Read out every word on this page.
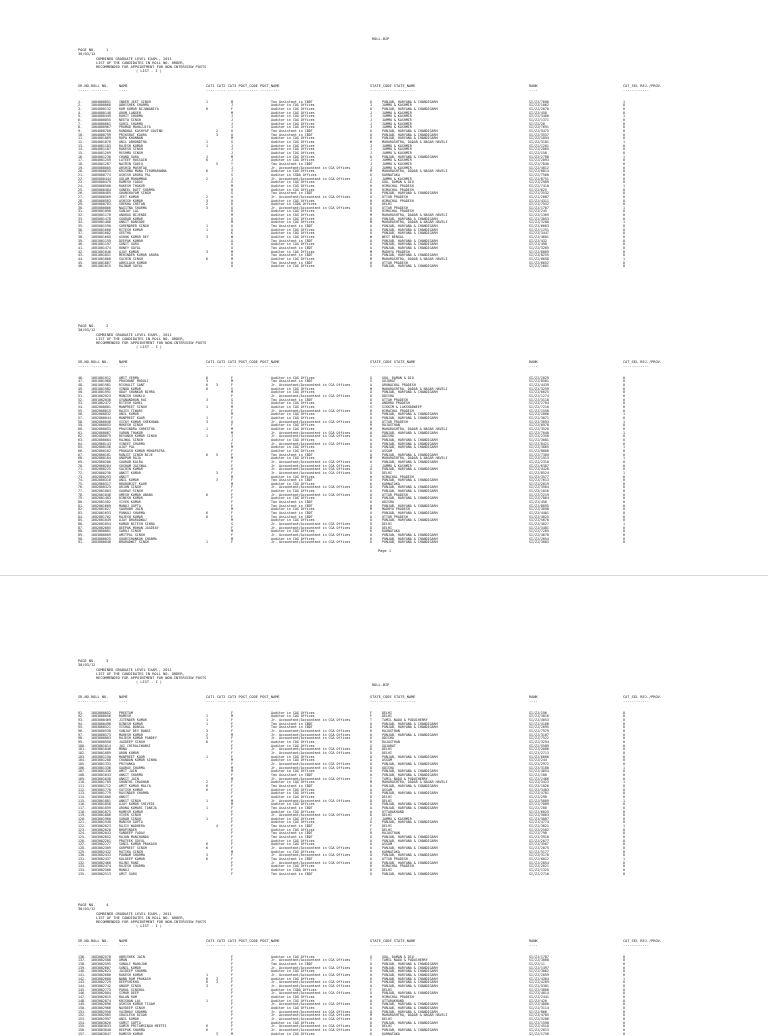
ROLL-BIP
Page 1
PAGE NO.     1
30/03/12
COMBINED GRADUATE LEVEL EXAM., 2011
LIST OF THE CANDIDATES IN ROLL NO. ORDER,
RECOMMENDED FOR APPOINTMENT FOR NON-INTERVIEW POSTS
( LIST - I )
SR.NO. ROLL NO.	NAME	CAT1 CAT2 CAT3 POST_CODE POST_NAME	STATE_CODE STATE_NAME	RANK	CAT_SEL REJ./PROV.
----- --------	----	---- ---- ---- --------- ---------	---------- ----------	----	------------
1.	1004000051 INDER JEET SINGH	1	M	Tax Assistant in CBDT	U	PUNJAB, HARYANA & CHANDIGARH	SI/ZJ/7600	1
2.	1004000060 ABHISHEK SHARMA	J	Auditor in CAG Offices	J	JAMMU & KASHMIR	SI/ZJ/1062	0
3.	1004000132 RAM KUMAR BIJUWANIYA	6	F	Auditor in CAG Offices	U	PUNJAB, HARYANA & CHANDIGARH	SI/ZJ/2670	0
4.	1004000140 ARUN LANGEH	M	Auditor in CAG Offices	J	JAMMU & KASHMIR	SI/ZJ/458	0
5.	1004000449 ROHIT SHARMA	J	Auditor in CAG Offices	J	JAMMU & KASHMIR	SI/ZJ/3400	1
6.	1004000855 NEETU SINGH	J	Auditor in CAG Offices	J	JAMMU & KASHMIR	SI/ZJ/1371	0
7.	1004000861 SAHIL SHARMA	J	Auditor in CAG Offices	J	JAMMU & KASHMIR	SI/ZJ/28	0
8.	1004000967 PRAMOD MAHAJJIYA	J	Auditor in CAG Offices	J	JAMMU & KASHMIR	SI/ZJ/7691	0
9.	1004000700 RANDHAL KASHYAP GOVIND	2	U	Tax Assistant in CBDT	U	PUNJAB, HARYANA & CHANDIGARH	SI/ZJ/5475	0
10. 1004000799 PRIKSHAT KAURA	3	U	Tax Assistant in CBDT	U	PUNJAB, HARYANA & CHANDIGARH	SI/ZJ/3557	0
11. 1004001069 RUPA KHANNAN	M	Auditor in CAG Offices	U	PUNJAB, HARYANA & CHANDIGARH	SI/ZJ/1894	0
12. 1004001070 ANIL ABHONDTHA	1	G	Auditor in CAG Offices	M	MAHARASHTRA, DADAR & NAGAR HAVELI	SI/ZJ/3181	1
13. 1004001183 RAJESH KUMAR	1	J	Auditor in CAG Offices	J	JAMMU & KASHMIR	SI/ZJ/1201	0
14. 1004001187 RAKESH SINGH	J	Auditor in CAG Offices	J	JAMMU & KASHMIR	SI/ZJ/2865	0
15. 1004001209 RESHMA SINGH	J	Auditor in CAG Offices	J	JAMMU & KASHMIR	SI/ZJ/158	0
16. 1004001230 CHAND GARA	1	M	Auditor in CAG Offices	U	PUNJAB, HARYANA & CHANDIGARH	SI/ZJ/2788	1
17. 1004001259 LATEEF HUSSAIN	6	J	Auditor in CAG Offices	J	JAMMU & KASHMIR	SI/ZJ/2093	0
18. 1004001287 NAIRIN SADIQ	5	T	Tax Assistant in CBDT	J	JAMMU & KASHMIR	SI/ZJ/7840	0
19. 1005000005 ARSHID MUSHTAQ	J	Jr. Accountant/Accountant in CGA Offices	J	JAMMU & KASHMIR	SI/ZJ/4012	0
20. 1005000035 KRISHNA MANA TIRUMARANNA	6	J	Auditor in CAG Offices	M	MAHARASHTRA, DADAR & NAGAR HAVELI	SI/ZJ/6814	0
21. 1005000774 ASHISH ARORA PAL	S	Auditor in CGDA Offices	K	KARNATAKA	SI/ZJ/7560	0
22. 1005000444 GULAM MOHAMMAD	2	J	Jr. Accountant/Accountant in CGA Offices	J	JAMMU & KASHMIR	SI/ZJ/8751	0
23. 1005000479 RAMESH YADAV	G	Auditor in CAG Offices	G	GOA, DAMAN & DIU	SI/ZJ/2989	0
24. 1005000500 RAKESH THAKUR	M	Auditor in CAG Offices	H	HIMACHAL PRADESH	SI/ZJ/7410	1
25. 1005000484 SUNEEL DUTT SHARMA	H	Auditor in CAG Offices	H	HIMACHAL PRADESH	SI/ZJ/625	0
26. 1005000485 GHANSHAYAM SINGH	G	Tax Assistant in CBDT	U	PUNJAB, HARYANA & CHANDIGARH	SI/ZJ/3532	0
27. 1005000569 JEET KUMAR	2	U	Jr. Accountant/Accountant in CGA Offices	U	UTTAR PRADESH	SI/ZJ/2087	0
28. 1005000583 ASHISH KUMAR	3	H	Auditor in CAG Offices	H	HIMACHAL PRADESH	SI/ZJ/4311	0
29. 1005000783 SHEKHA CHETAN	2	D	Auditor in CGDA Offices	D	DELHI	SI/ZJ/7552	0
30. 1005000866 NAGITNA SHARMA	3	U	Jr. Accountant/Accountant in CGA Offices	U	UTTAR PRADESH	SI/ZJ/1707	1
31. 1005001090 SANJAY LAL	H	Auditor in CAG Offices	H	HIMACHAL PRADESH	SI/ZJ/245	0
32. 1005001178 ANURAG BIJENDI	M	Auditor in CAG Offices	M	MAHARASHTRA, DADAR & NAGAR HAVELI	SI/ZJ/1369	0
33. 1005001478 SOURAB KUMAR	U	Auditor in CAG Offices	U	PUNJAB, HARYANA & CHANDIGARH	SI/ZJ/3053	0
34. 1005001480 ANKIT BANSODE	M	Auditor in CAG Offices	M	MAHARASHTRA, DADAR & NAGAR HAVELI	SI/ZJ/3280	1
35. 1005001590 SURENDRER SINGH	1	U	Tax Assistant in CBDT	U	PUNJAB, HARYANA & CHANDIGARH	SI/ZJ/6663	0
36. 1005001600 RITESH KUMAR	1	U	Auditor in CAG Offices	U	PUNJAB, HARYANA & CHANDIGARH	SI/ZJ/1251	0
37. 1005001602 GEETHA	K	Auditor in CAG Offices	U	PUNJAB, HARYANA & CHANDIGARH	SI/ZJ/3447	0
38. 1005001605 ASHOK KUMAR DEY	3	W	Auditor in CAG Offices	W	WEST BENGAL	SI/ZJ/4601	0
39. 1601001159 DEEPAK KUMAR	U	Tax Assistant in CBDT	U	PUNJAB, HARYANA & CHANDIGARH	SI/ZJ/432	0
40. 1601001197 SUNIT GARG	U	Auditor in CAG Offices	U	PUNJAB, HARYANA & CHANDIGARH	SI/ZJ/498	0
41. 1601001474 HONEY GOYAL	U	Tax Assistant in CBDT	U	PUNJAB, HARYANA & CHANDIGARH	SI/ZJ/3265	0
42. 1601001846 AJAY KUMAR	3	M	Auditor in CAG Offices	M	MADHYA PRADESH	SI/ZJ/6069	0
43. 1601001851 MEHINDER KUMAR ARORA	U	Tax Assistant in CBDT	U	PUNJAB, HARYANA & CHANDIGARH	SI/ZJ/8255	0
44. 1601001860 SACHIN SINGH	6	M	Auditor in CAG Offices	M	MAHARASHTRA, DADAR & NAGAR HAVELI	SI/ZJ/8658	1
45. 1601001867 ABHILASH KUMAR	U	Tax Assistant in CBDT	U	UTTAR PRADESH	SI/ZJ/6652	0
46. 1601001015 RAJNAM GOYAL	U	Auditor in CAG Offices	U	PUNJAB, HARYANA & CHANDIGARH	SI/ZJ/1601	0
PAGE NO.     2
30/03/12
COMBINED GRADUATE LEVEL EXAM., 2011
LIST OF THE CANDIDATES IN ROLL NO. ORDER,
RECOMMENDED FOR APPOINTMENT FOR NON-INTERVIEW POSTS
( LIST - I )
SR.NO. ROLL NO.	NAME	CAT1 CAT2 CAT3 POST_CODE POST_NAME	STATE_CODE STATE_NAME	RANK	CAT_SEL REJ./PROV.
----- --------	----	---- ---- ---- --------- ---------	---------- ----------	----	------------
46. 1601001912 AMIT VERMA	6	F	Auditor in CAG Offices	G	GOA, DAMAN & DIU	SI/ZJ/2029	0
47. 1601001960 PRASHANT MUDULI	3	M	Tax Assistant in CBDT	G	GUJARAT	SI/ZJ/8501	0
48. 1601001981 RISHALIT SANT	6 3	F	Jr. Accountant/Accountant in CGA Offices	A	ARUNACHAL PRADESH	SI/ZJ/4439	0
49. 1601001982 VINOD KUMAR	6	S	Auditor in CAG Offices	M	MAHARASHTRA, DADAR & NAGAR HAVELI	SI/ZJ/3259	0
50. 1601001991 UDAY SHANKAR BIHRA	M	Auditor in CAG Offices	U	PUNJAB, HARYANA & CHANDIGARH	SI/ZJ/6625	0
51. 1601002023 MANISH SHUKLA	F	Jr. Accountant/Accountant in CGA Offices	O	ODISHA	SI/ZJ/1274	0
52. 1601002030 GYANANDHAN RAI	3	G	Tax Assistant in CBDT	U	UTTAR PRADESH	SI/ZJ/3118	0
53. 1601002472 RITESH GAHEL	G	Auditor in CAG Offices	A	ANDHRA PRADESH	SI/ZJ/2704	0
54. 1602000001 MANPREET SINGH	1	M	Auditor in CAG Offices	S	SIKKIM & LAKSHADWEEP	SI/ZJ/7210	0
55. 1602000015 RAJIV TIWARI	F	Jr. Accountant/Accountant in CGA Offices	H	HIMACHAL PRADESH	SI/ZJ/1550	0
56. 1602000032 ANIL KUMAR	M	Auditor in CAG Offices	U	PUNJAB, HARYANA & CHANDIGARH	SI/ZJ/2066	1
57. 1602000044 MANPREET KAUR	1	F	Auditor in CAG Offices	U	PUNJAB, HARYANA & CHANDIGARH	SI/ZJ/3071	0
58. 1602000046 VICKY KUMAR SHEKHAWA	3	U	Jr. Accountant/Accountant in CGA Offices	U	UTTAR PRADESH	SI/ZJ/3093	1
59. 1602000053 MUKESH SINGH	F	Auditor in CAG Offices	R	RAJASTHAN	SI/ZJ/6978	0
60. 1602000053 PRAVINDRA SHRESTHA	1	M	Auditor in CAG Offices	M	MAHARASHTRA, DADAR & NAGAR HAVELI	SI/ZJ/3520	0
61. 1602000067 VARUN THAKUR	M	Jr. Accountant/Accountant in CGA Offices	U	PUNJAB, HARYANA & CHANDIGARH	SI/ZJ/7040	1
62. 1602000079 DEVANSH KUMAR SINGH	1	J	Jr. Accountant/Accountant in CGA Offices	O	ODISHA	SI/ZJ/2356	0
63. 1602000084 RAJWAL SINGH	J	Auditor in CAG Offices	U	PUNJAB, HARYANA & CHANDIGARH	SI/ZJ/3081	0
64. 1602000143 VINEET SHARMA	F	Jr. Accountant/Accountant in CGA Offices	U	PUNJAB, HARYANA & CHANDIGARH	SI/ZJ/8421	0
65. 1602000156 AJAY PAL	M	Auditor in CAG Offices	U	PUNJAB, HARYANA & CHANDIGARH	SI/ZJ/3885	1
66. 1602000162 PRAKASH KUMAR MOHAPATRA	F	Auditor in CAG Offices	A	ASSAM	SI/ZJ/8008	0
67. 1602000181 RANJIT SINGH BIJE	6 5	F	Tax Assistant in CBDT	U	PUNJAB, HARYANA & CHANDIGARH	SI/ZJ/7309	0
68. 1602000184 ANUPAM RAJA	M	Auditor in CAG Offices	M	MAHARASHTRA, DADAR & NAGAR HAVELI	SI/ZJ/1913	1
69. 1602000200 SAURAB KALRA	F	Jr. Accountant/Accountant in CGA Offices	U	PUNJAB, HARYANA & CHANDIGARH	SI/ZJ/2310	0
70. 1602000204 SUSHAM JAISWAL	F	Jr. Accountant/Accountant in CGA Offices	J	JAMMU & KASHMIR	SI/ZJ/6387	0
71. 1602000225 SACHIN KUMAR	U	Jr. Accountant/Accountant in CGA Offices	U	PUNJAB, HARYANA & CHANDIGARH	SI/ZJ/4426	0
72. 1602000230 ANKIT KUMAR	3	F	Jr. Accountant/Accountant in CGA Offices	D	DELHI	SI/ZJ/8524	1
73. 1602000293 ANKIT	M	Auditor in CAG Offices	H	HIMACHAL PRADESH	SI/ZJ/3577	0
74. 1602000310 ANIL KUMAR	3	F	Tax Assistant in CBDT	U	PUNJAB, HARYANA & CHANDIGARH	SI/ZJ/7613	0
75. 1602000317 BHARAMJIT KAUR	M	Auditor in CAG Offices	K	KARNATAKA	SI/ZJ/2019	0
76. 1602000323 ARJUN SINGH	F	Jr. Accountant/Accountant in CGA Offices	U	PUNJAB, HARYANA & CHANDIGARH	SI/ZJ/3564	0
77. 1602001003 GAURAV SINGH	F	Auditor in CAG Offices	U	PUNJAB, HARYANA & CHANDIGARH	SI/ZJ/1016	0
78. 1602001046 UMESH KUMAR UBANG	6	F	Jr. Accountant/Accountant in CGA Offices	U	UTTAR PRADESH	SI/ZJ/2219	0
79. 1602001483 DINESH KUMAR	F	Auditor in CAG Offices	U	PUNJAB, HARYANA & CHANDIGARH	SI/ZJ/7864	0
80. 1602001502 VIVEK KUMAR	F	Tax Assistant in CBDT	O	ODISHA	SI/ZJ/456	0
81. 1602001609 MANOJ GUPTA	F	Tax Assistant in CBDT	U	PUNJAB, HARYANA & CHANDIGARH	SI/ZJ/8095	0
82. 1602001627 SAURABH JAIN	M	Auditor in CAG Offices	M	MADHYA PRADESH	SI/ZJ/3098	0
83. 1602001653 PANKAJ SHARMA	6	F	Tax Assistant in CBDT	U	PUNJAB, HARYANA & CHANDIGARH	SI/ZJ/4401	0
84. 1602001702 RAJESH KUMAR	6	F	Tax Assistant in CBDT	U	UTTAR PRADESH	SI/ZJ/4025	0
85. 1602001849 AJAY BHARADWAJ	M	Auditor in CAG Offices	U	PUNJAB, HARYANA & CHANDIGARH	SI/ZJ/5670	0
86. 1602001854 KUMAR NITESH SINHA	S	Jr. Accountant/Accountant in CGA Offices	D	DELHI	SI/ZJ/4027	1
87. 1602002005 DEEPAK MOHAN JAGDEAY	F	Jr. Accountant/Accountant in CGA Offices	D	DELHI	SI/ZJ/3481	0
88. 1603000001 SAROJ SINGH	M	Auditor in CAG Offices	K	KARNATAKA	SI/ZJ/7265	0
89. 1603000009 AMITPAL SINGH	F	Jr. Accountant/Accountant in CGA Offices	U	PUNJAB, HARYANA & CHANDIGARH	SI/ZJ/4678	0
90. 1603000025 GOURISHANKAR SHARMA	M	Auditor in CAG Offices	U	PUNJAB, HARYANA & CHANDIGARH	SI/ZJ/2054	0
91. 1603000048 BHARADWIT SINGH	1	F	Jr. Accountant/Accountant in CGA Offices	U	PUNJAB, HARYANA & CHANDIGARH	SI/ZJ/3063	0
ROLL-BIP
PAGE NO.     3
30/03/12
COMBINED GRADUATE LEVEL EXAM., 2011
LIST OF THE CANDIDATES IN ROLL NO. ORDER,
RECOMMENDED FOR APPOINTMENT FOR NON-INTERVIEW POSTS
( LIST - I )
SR.NO. ROLL NO.	NAME	CAT1 CAT2 CAT3 POST_CODE POST_NAME	STATE_CODE STATE_NAME	RANK	CAT_SEL REJ./PROV.
----- --------	----	---- ---- ---- --------- ---------	---------- ----------	----	------------
91. 1603000052 PREETAM	F	Auditor in CAG Offices	F	DELHI	SI/ZJ/196	0
92. 1603000056 RAMESH	1	M	Auditor in CAG Offices	F	DELHI	SI/ZJ/3816	0
93. 1603000469 JITENDER KUMAR	1	F	Jr. Accountant/Accountant in CGA Offices	T	TAMIL NADU & PUDUCHERRY	SI/ZJ/4053	0
94. 1603000498 DINESH KUMAR	1	F	Tax Assistant in CBDT	U	PUNJAB, HARYANA & CHANDIGARH	SI/ZJ/4168	0
95. 1603000521 VISHAL BANSAL	F	Tax Assistant in CBDT	U	PUNJAB, HARYANA & CHANDIGARH	SI/ZJ/2695	0
96. 1603000530 SANJAY DEV BANSI	3	F	Jr. Accountant/Accountant in CGA Offices	R	RAJASTHAN	SI/ZJ/7979	0
97. 1603000573 MAHESH KUMAR	2	M	Jr. Accountant/Accountant in CGA Offices	U	PUNJAB, HARYANA & CHANDIGARH	SI/ZJ/3107	0
98. 1603000803 RAJESH KUMAR PANDEY	3	F	Jr. Accountant/Accountant in CGA Offices	O	ODISHA	SI/ZJ/7522	0
99. 1603000958 JAGDEEP SINGH	6	F	Auditor in CAG Offices	R	RAJASTHAN	SI/ZJ/3294	0
100. 1603001014 JAI CHIRALIWANSI	F	Auditor in CAG Offices	G	GUJARAT	SI/ZJ/5589	0
101. 1603001046 MONA	F	Jr. Accountant/Accountant in CGA Offices	D	DELHI	SI/ZJ/2086	0
102. 1603001089 ARUN KUMAR	F	Jr. Accountant/Accountant in CGA Offices	D	DELHI	SI/ZJ/2713	0
103. 1603001150 MANPREET KAUR	1	F	Auditor in CAG Offices	U	PUNJAB, HARYANA & CHANDIGARH	SI/ZJ/6666	0
104. 1603001208 CHANDAN KUMAR SINHA	M	Auditor in CAG Offices	A	ASSAM	SI/ZJ/244	0
105. 1603001333 PRIYANKA	F	Jr. Accountant/Accountant in CGA Offices	U	PUNJAB, HARYANA & CHANDIGARH	SI/ZJ/2972	0
106. 1603001336 GAURAV SHARMA	M	Jr. Accountant/Accountant in CGA Offices	O	ODISHA	SI/ZJ/3180	1
107. 1603001338 AMIT JAIN	M	Auditor in CAG Offices	U	PUNJAB, HARYANA & CHANDIGARH	SI/ZJ/4054	0
108. 1603001643 ANKIT SHARMA	F	Tax Assistant in CBDT	U	PUNJAB, HARYANA & CHANDIGARH	SI/ZJ/100	0
109. 1603001648 ANKIT JAIN	M	Jr. Accountant/Accountant in CGA Offices	T	TAMIL NADU & PUDUCHERRY	SI/ZJ/2466	0
110. 1603001709 SHANTHI CHAUHAN	2	F	Auditor in CAG Offices	M	MAHARASHTRA, DADAR & NAGAR HAVELI	SI/ZJ/3423	1
111. 1603001712 AMIT KUMAR MALYA	6	F	Tax Assistant in CBDT	U	PUNJAB, HARYANA & CHANDIGARH	SI/ZJ/1820	0
112. 1603001778 SATISH KUMAR	6	F	Auditor in CAG Offices	A	ASSAM	SI/ZJ/3403	0
113. 1603001779 RAVINDER SHARMA	F	Auditor in CAG Offices	U	PUNJAB, HARYANA & CHANDIGARH	SI/ZJ/4781	0
114. 1603001800 ANKIT	F	Auditor in CAG Offices	D	DELHI	SI/ZJ/290	0
115. 1603001801 ANKIT SINGH	1	M	Jr. Accountant/Accountant in CGA Offices	D	DELHI	SI/ZJ/5009	1
116. 1603001850 AJAY KUMAR SHIVEDI	M	Auditor in CAG Offices	U	PUNJAB, HARYANA & CHANDIGARH	SI/ZJ/7809	0
117. 1603001859 ARUNA KUMARI TANEJA	1	F	Tax Assistant in CBDT	U	PUNJAB, HARYANA & CHANDIGARH	SI/ZJ/280	0
118. 1603001875 RAMESH KUMAR	F	Auditor in CAG Offices	U	UTTARAKHAND	SI/ZJ/6025	0
119. 1603001886 VIVEK SINGH	F	Jr. Accountant/Accountant in CGA Offices	D	DELHI	SI/ZJ/5063	0
120. 1603001900 SAHAB SINGH	1	F	Auditor in CAG Offices	J	JAMMU & KASHMIR	SI/ZJ/3087	0
121. 1603001948 MANISH GUPTA	F	Auditor in CAG Offices	U	PUNJAB, HARYANA & CHANDIGARH	SI/ZJ/4774	0
122. 1603002023 RAJIV WADHERA	4	F	Tax Assistant in CBDT	F	DELHI	SI/ZJ/3621	1
123. 1603002026 BHUPINDER	F	Auditor in CAG Offices	F	DELHI	SI/ZJ/2502	0
124. 1603002043 SANDEEP YADAV	F	Tax Assistant in CBDT	R	RAJASTHAN	SI/ZJ/790	0
125. 1603002052 RAJAN MANCHANDA	F	Tax Assistant in CBDT	U	PUNJAB, HARYANA & CHANDIGARH	SI/ZJ/3910	0
126. 1603002201 PRATEEK GOYAL	F	Auditor in CAG Offices	U	PUNJAB, HARYANA & CHANDIGARH	SI/ZJ/2077	0
127. 1603002277 SUNIL KUMAR PRAKASH	6	F	Auditor in CAG Offices	A	ASSAM	SI/ZJ/3567	0
128. 1603002309 GURPREET SINGH	6	F	Jr. Accountant/Accountant in CGA Offices	U	PUNJAB, HARYANA & CHANDIGARH	SI/ZJ/2075	0
129. 1603002432 RATIKA SINGH	M	Auditor in CAG Offices	K	KARNATAKA	SI/ZJ/3177	0
130. 1603002433 POONAM SHARMA	3	F	Jr. Accountant/Accountant in CGA Offices	U	PUNJAB, HARYANA & CHANDIGARH	SI/ZJ/3178	0
131. 1603002437 KULDEEP KUMAR	6	F	Tax Assistant in CBDT	U	UTTAR PRADESH	SI/ZJ/6012	1
132. 1603002460 RAJNI RANI	F	Jr. Accountant/Accountant in CGA Offices	U	PUNJAB, HARYANA & CHANDIGARH	SI/ZJ/2054	0
133. 1603002474 RAJESH SHARMA	F	Auditor in CAG Offices	H	HIMACHAL PRADESH	SI/ZJ/2621	0
134. 1603002500 MANOJ	F	Auditor in CGDA Offices	D	DELHI	SI/ZJ/1325	0
135. 1603002513 AMIT GARG	F	Tax Assistant in CBDT	U	PUNJAB, HARYANA & CHANDIGARH	SI/ZJ/2716	0
PAGE NO.     4
30/03/12
COMBINED GRADUATE LEVEL EXAM., 2011
LIST OF THE CANDIDATES IN ROLL NO. ORDER,
RECOMMENDED FOR APPOINTMENT FOR NON-INTERVIEW POSTS
( LIST - I )
SR.NO. ROLL NO.	NAME	CAT1 CAT2 CAT3 POST_CODE POST_NAME	STATE_CODE STATE_NAME	RANK	CAT_SEL REJ./PROV.
----- --------	----	---- ---- ---- --------- ---------	---------- ----------	----	------------
136. 1603002570 ABHISHEK JAIN	F	Auditor in CAG Offices	G	GOA, DAMAN & DIU	SI/ZJ/1787	0
137. 1603002588 AMAN	F	Jr. Accountant/Accountant in CGA Offices	T	TAMIL NADU & PUDUCHERRY	SI/ZJ/3068	0
138. 1603002595 SONALI MAHAJAN	F	Tax Assistant in CBDT	U	PUNJAB, HARYANA & CHANDIGARH	SI/ZJ/11	0
139. 1603002607 SUNIL KUMAR	F	Jr. Accountant/Accountant in CGA Offices	U	PUNJAB, HARYANA & CHANDIGARH	SI/ZJ/1497	0
140. 1603002623 JAIDEEP SHARMA	F	Auditor in CAG Offices	U	PUNJAB, HARYANA & CHANDIGARH	SI/ZJ/3062	0
141. 1603002680 RAKESH KUMAR	1	F	Jr. Accountant/Accountant in CGA Offices	U	PUNJAB, HARYANA & CHANDIGARH	SI/ZJ/2059	0
142. 1603002688 NAND RAM PRAKASH	6 3	F	Auditor in CAG Offices	U	PUNJAB, HARYANA & CHANDIGARH	SI/ZJ/4364	1
143. 1603002729 DEEPSHIKHA	6 3	F	Jr. Accountant/Accountant in CGA Offices	U	PUNJAB, HARYANA & CHANDIGARH	SI/ZJ/4269	0
144. 1603002742 ANOOP SINGH	3	F	Jr. Accountant/Accountant in CGA Offices	U	PUNJAB, HARYANA & CHANDIGARH	SI/ZJ/5301	0
145. 1603002773 PARUL SINGHAL	F	Auditor in CGDA Offices	F	DELHI	SI/ZJ/3808	0
146. 1603002804 SIMAR DEEP	F	Jr. Accountant/Accountant in CGA Offices	U	PUNJAB, HARYANA & CHANDIGARH	SI/ZJ/4014	0
147. 1603002815 BALAN RAM	F	Auditor in CAG Offices	H	HIMACHAL PRADESH	SI/ZJ/2441	0
148. 1603002874 KRISHAN LAL	1	F	Auditor in CAG Offices	U	UTTARAKHAND	SI/ZJ/420	0
149. 1603002896 ASHISH KUMAR TIGAM	F	Jr. Accountant/Accountant in CGA Offices	U	PUNJAB, HARYANA & CHANDIGARH	SI/ZJ/4000	0
150. 1603002906 NAVDEEP SINGH	F	Auditor in CAG Offices	U	PUNJAB, HARYANA & CHANDIGARH	SI/ZJ/3114	0
151. 1603002958 VAIBHAV SHARMA	F	Jr. Accountant/Accountant in CGA Offices	U	PUNJAB, HARYANA & CHANDIGARH	SI/ZJ/866	0
152. 1603002985 SHAILESH DIGAR	F	Jr. Accountant/Accountant in CGA Offices	M	MAHARASHTRA, DADAR & NAGAR HAVELI	SI/ZJ/4785	0
153. 1603002997 ANIL KUMAR	F	Jr. Accountant/Accountant in CGA Offices	D	DELHI	SI/ZJ/5206	0
154. 1603003020 SUMIT GUPTA	F	Auditor in CAG Offices	U	PUNJAB, HARYANA & CHANDIGARH	SI/ZJ/1590	0
155. 1603003033 SAMIR PRITAMSINGH MEETEI	6	F	Jr. Accountant/Accountant in CGA Offices	D	DELHI	SI/ZJ/4510	0
156. 1603003040 DEEPAK SHARMA	6	F	Jr. Accountant/Accountant in CGA Offices	U	PUNJAB, HARYANA & CHANDIGARH	SI/ZJ/2013	0
157. 1603003047 RAMESH KUMAR	3	M	Auditor in CAG Offices	K	KARNATAKA	SI/ZJ/1750	0
